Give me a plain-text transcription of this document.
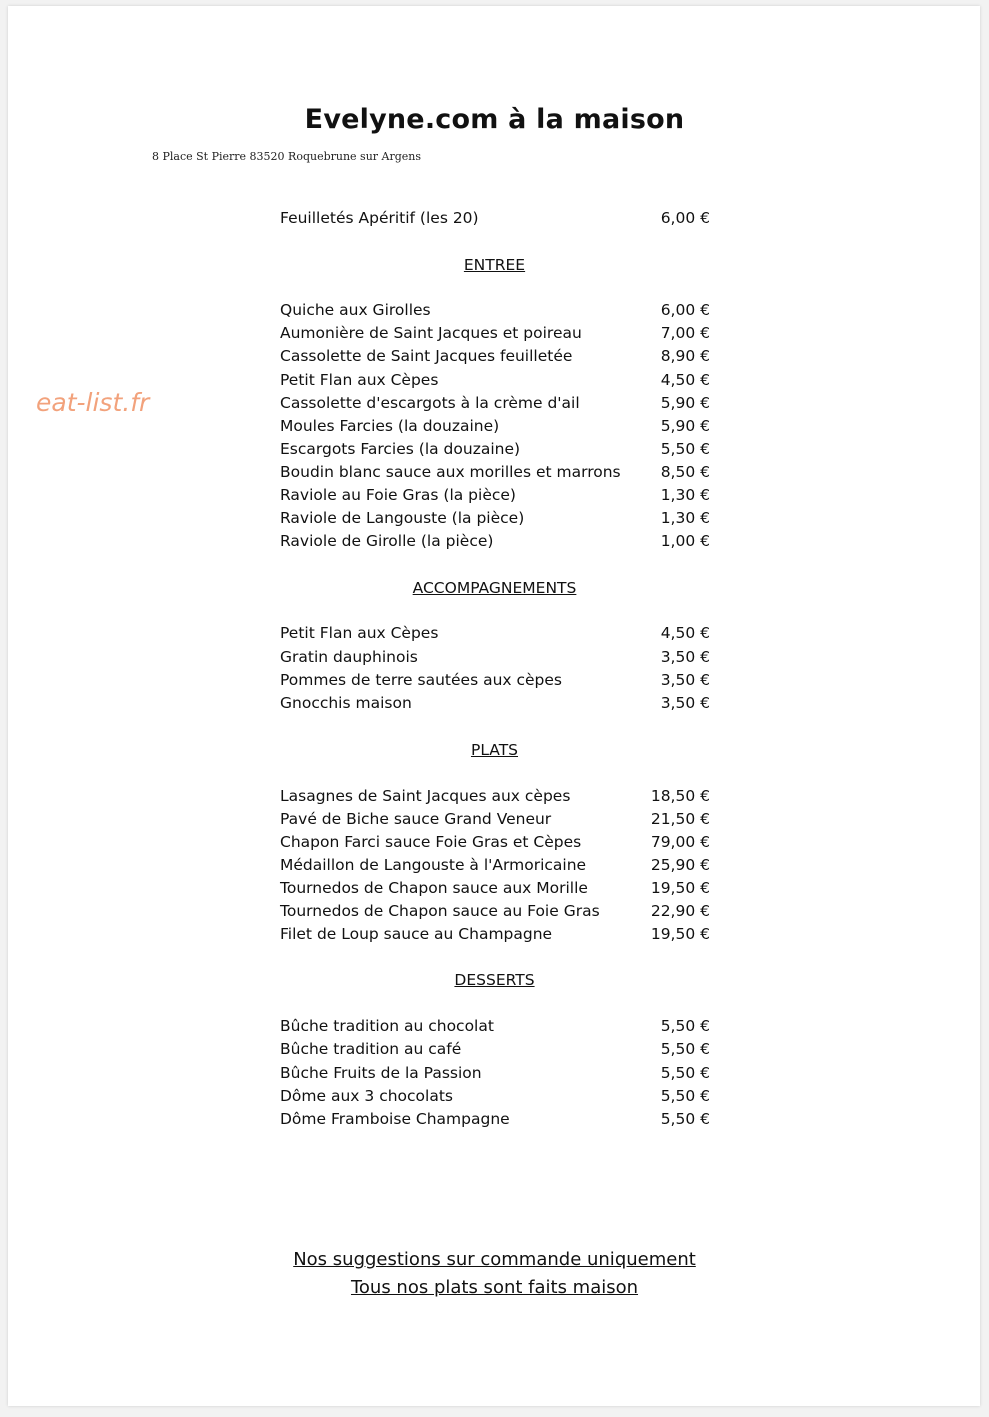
Evelyne.com à la maison
8 Place St Pierre 83520 Roquebrune sur Argens
eat-list.fr
Feuilletés Apéritif (les 20)	6,00 €
ENTREE
Quiche aux Girolles	6,00 €
Aumonière de Saint Jacques et poireau	7,00 €
Cassolette de Saint Jacques feuilletée	8,90 €
Petit Flan aux Cèpes	4,50 €
Cassolette d'escargots à la crème d'ail	5,90 €
Moules Farcies (la douzaine)	5,90 €
Escargots Farcies (la douzaine)	5,50 €
Boudin blanc sauce aux morilles et marrons	8,50 €
Raviole au Foie Gras (la pièce)	1,30 €
Raviole de Langouste (la pièce)	1,30 €
Raviole de Girolle (la pièce)	1,00 €
ACCOMPAGNEMENTS
Petit Flan aux Cèpes	4,50 €
Gratin dauphinois	3,50 €
Pommes de terre sautées aux cèpes	3,50 €
Gnocchis maison	3,50 €
PLATS
Lasagnes de Saint Jacques aux cèpes	18,50 €
Pavé de Biche sauce Grand Veneur	21,50 €
Chapon Farci sauce Foie Gras et Cèpes	79,00 €
Médaillon de Langouste à l'Armoricaine	25,90 €
Tournedos de Chapon sauce aux Morille	19,50 €
Tournedos de Chapon sauce au Foie Gras	22,90 €
Filet de Loup sauce au Champagne	19,50 €
DESSERTS
Bûche tradition au chocolat	5,50 €
Bûche tradition au café	5,50 €
Bûche Fruits de la Passion	5,50 €
Dôme aux 3 chocolats	5,50 €
Dôme Framboise Champagne	5,50 €
Nos suggestions sur commande uniquement
Tous nos plats sont faits maison
